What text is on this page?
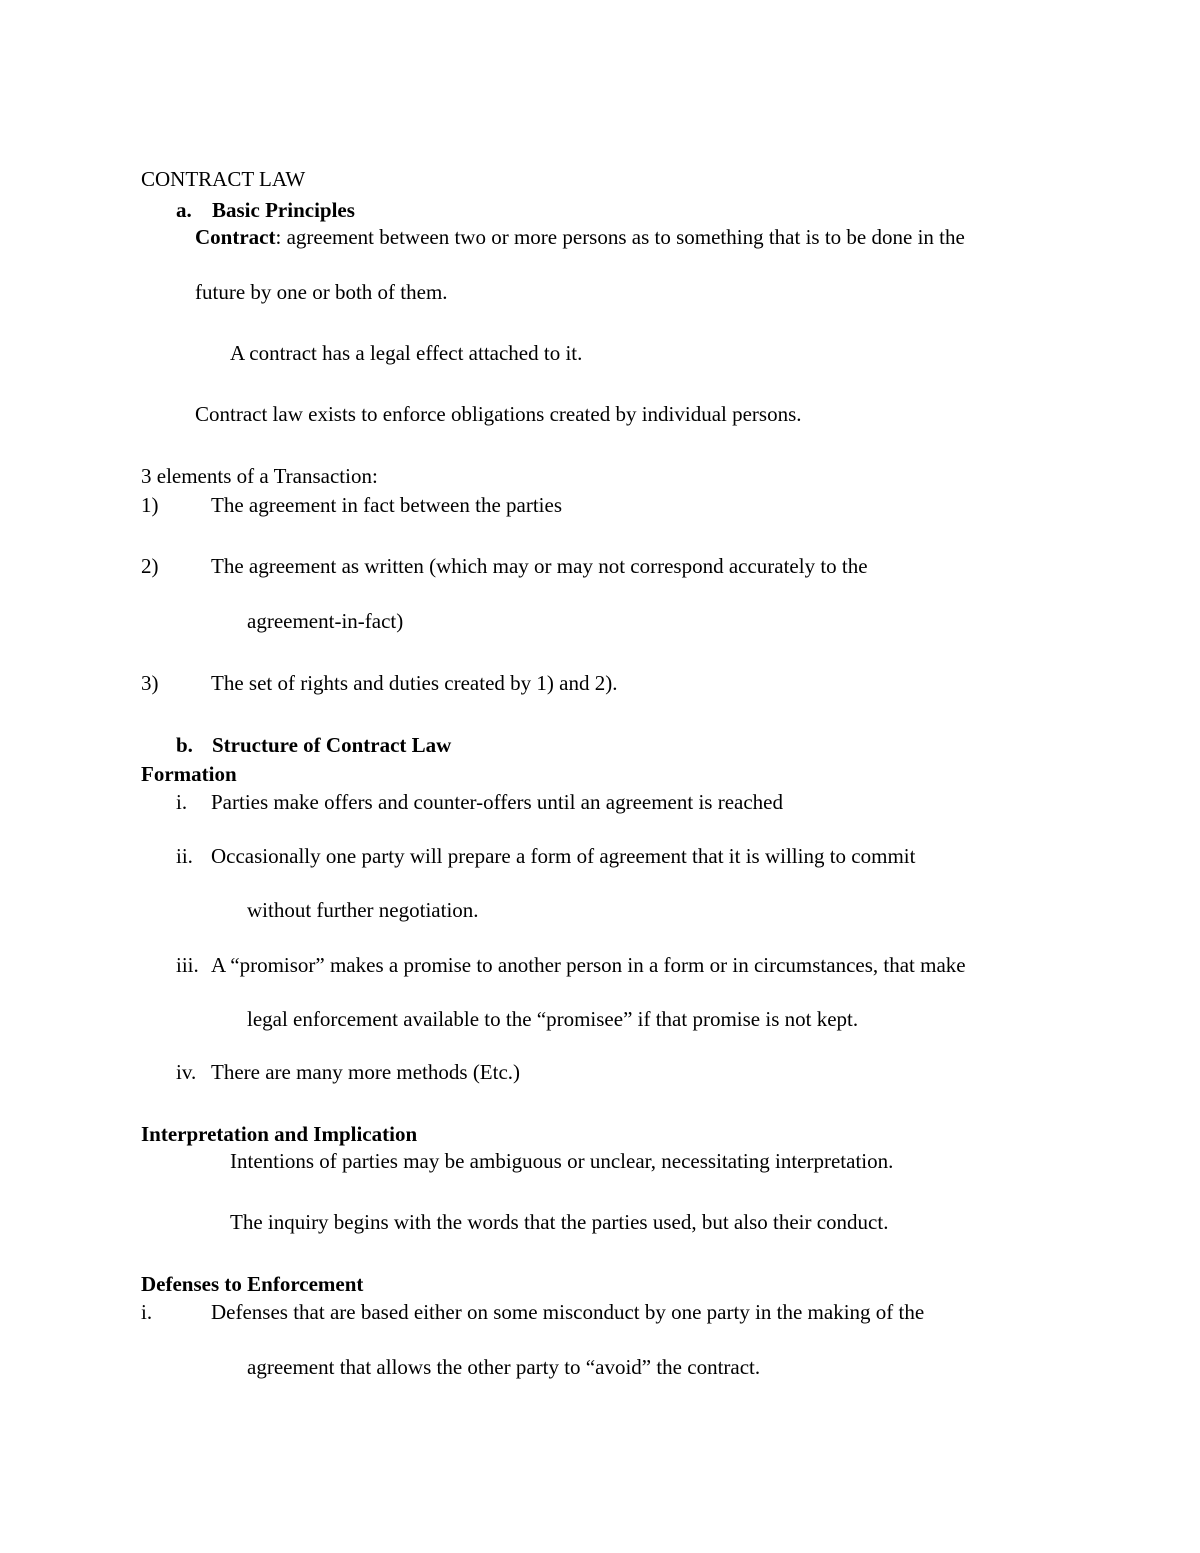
CONTRACT LAW
a. Basic Principles
Contract: agreement between two or more persons as to something that is to be done in the
future by one or both of them.
A contract has a legal effect attached to it.
Contract law exists to enforce obligations created by individual persons.
3 elements of a Transaction:
1)	The agreement in fact between the parties
2)	The agreement as written (which may or may not correspond accurately to the
agreement-in-fact)
3)	The set of rights and duties created by 1) and 2).
b. Structure of Contract Law
Formation
i. Parties make offers and counter-offers until an agreement is reached
ii. Occasionally one party will prepare a form of agreement that it is willing to commit
without further negotiation.
iii. A “promisor” makes a promise to another person in a form or in circumstances, that make
legal enforcement available to the “promisee” if that promise is not kept.
iv. There are many more methods (Etc.)
Interpretation and Implication
Intentions of parties may be ambiguous or unclear, necessitating interpretation.
The inquiry begins with the words that the parties used, but also their conduct.
Defenses to Enforcement
i.	Defenses that are based either on some misconduct by one party in the making of the
agreement that allows the other party to “avoid” the contract.
